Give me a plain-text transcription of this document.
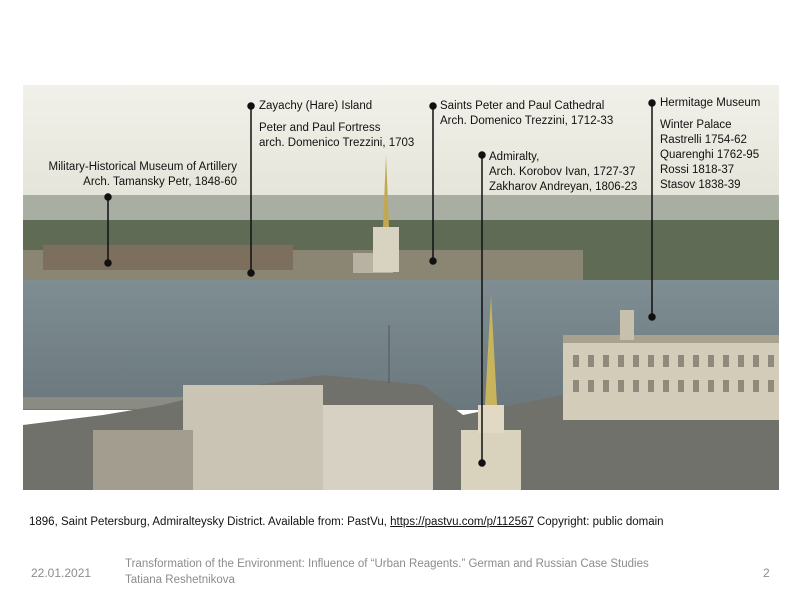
Military-Historical Museum of Artillery
Arch. Tamansky Petr, 1848-60
Zayachy (Hare) Island
Peter and Paul Fortress
arch. Domenico Trezzini, 1703
Saints Peter and Paul Cathedral
Arch. Domenico Trezzini, 1712-33
Admiralty,
Arch. Korobov Ivan, 1727-37
Zakharov Andreyan, 1806-23
Hermitage Museum
Winter Palace
Rastrelli 1754-62
Quarenghi 1762-95
Rossi 1818-37
Stasov 1838-39
1896, Saint Petersburg, Admiralteysky District. Available from: PastVu, https://pastvu.com/p/112567 Copyright: public domain
22.01.2021
Transformation of the Environment: Influence of “Urban Reagents.” German and Russian Case Studies
Tatiana Reshetnikova	2
